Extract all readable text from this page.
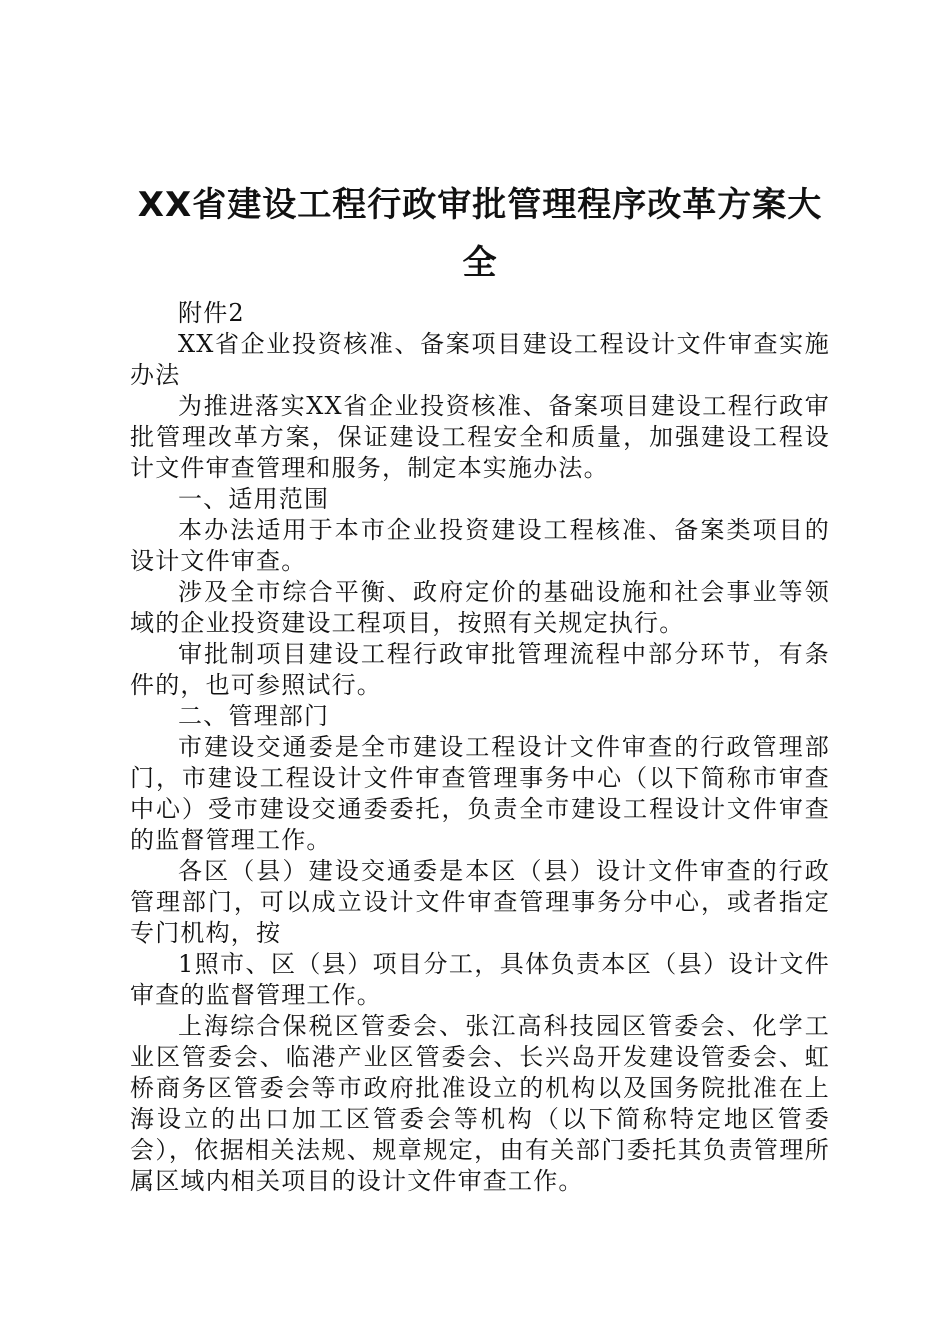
XX省建设工程行政审批管理程序改革方案大全

附件2

XX省企业投资核准、备案项目建设工程设计文件审查实施办法

为推进落实XX省企业投资核准、备案项目建设工程行政审批管理改革方案，保证建设工程安全和质量，加强建设工程设计文件审查管理和服务，制定本实施办法。

一、适用范围

本办法适用于本市企业投资建设工程核准、备案类项目的设计文件审查。

涉及全市综合平衡、政府定价的基础设施和社会事业等领域的企业投资建设工程项目，按照有关规定执行。

审批制项目建设工程行政审批管理流程中部分环节，有条件的，也可参照试行。

二、管理部门

市建设交通委是全市建设工程设计文件审查的行政管理部门，市建设工程设计文件审查管理事务中心（以下简称市审查中心）受市建设交通委委托，负责全市建设工程设计文件审查的监督管理工作。

各区（县）建设交通委是本区（县）设计文件审查的行政管理部门，可以成立设计文件审查管理事务分中心，或者指定专门机构，按

1照市、区（县）项目分工，具体负责本区（县）设计文件审查的监督管理工作。

上海综合保税区管委会、张江高科技园区管委会、化学工业区管委会、临港产业区管委会、长兴岛开发建设管委会、虹桥商务区管委会等市政府批准设立的机构以及国务院批准在上海设立的出口加工区管委会等机构（以下简称特定地区管委会），依据相关法规、规章规定，由有关部门委托其负责管理所属区域内相关项目的设计文件审查工作。
